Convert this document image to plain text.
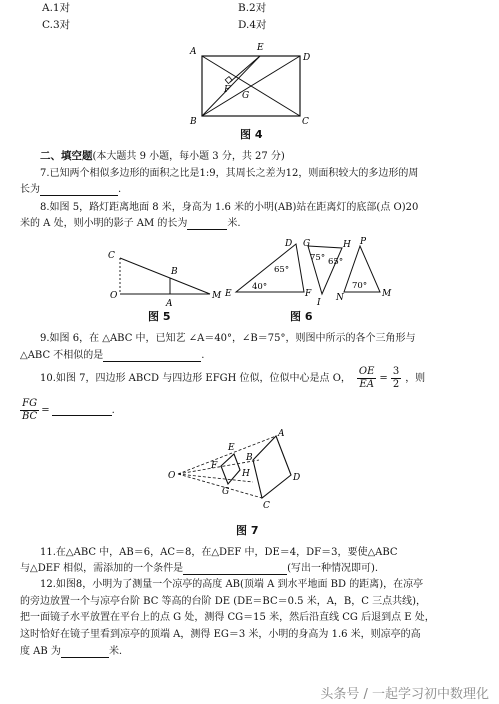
A.1对	B.2对
C.3对	D.4对
A	E
D
F
G
B	C
图 4
二、填空题(本大题共 9 小题，每小题 3 分，共 27 分)
7.已知两个相似多边形的面积之比是1:9，其周长之差为12，则面积较大的多边形的周
长为	.
8.如图 5，路灯距离地面 8 米，身高为 1.6 米的小明(AB)站在距离灯的底部(点 O)20
米的 A 处，则小明的影子 AM 的长为	米.
C
B
O
A
M
图 5
D
E	F
65°
40°
G	H
I
75° 65°
P
M
N
70°
图 6
9.如图 6，在 △ABC 中，已知艺 ∠A＝40°，∠B＝75°，则图中所示的各个三角形与
△ABC 不相似的是	.
10.如图 7，四边形 ABCD 与四边形 EFGH 位似，位似中心是点 O， $\frac{OE}{EA} = \frac{3}{2}$ ，则
$\frac{FG}{BC}$ =	.
O
E
F
H
G
A
B
D
C
图 7
11.在△ABC 中，AB＝6，AC＝8，在△DEF 中，DE＝4，DF＝3，要使△ABC
与△DEF 相似，需添加的一个条件是	(写出一种情况即可).
12.如图8，小明为了测量一个凉亭的高度 AB(顶端 A 到水平地面 BD 的距离)，在凉亭
的旁边放置一个与凉亭台阶 BC 等高的台阶 DE (DE＝BC＝0.5 米，A，B，C 三点共线)，
把一面镜子水平放置在平台上的点 G 处，测得 CG＝15 米，然后沿直线 CG 后退到点 E 处，
这时恰好在镜子里看到凉亭的顶端 A，测得 EG＝3 米，小明的身高为 1.6 米，则凉亭的高
度 AB 为	米.
头条号 / 一起学习初中数理化
